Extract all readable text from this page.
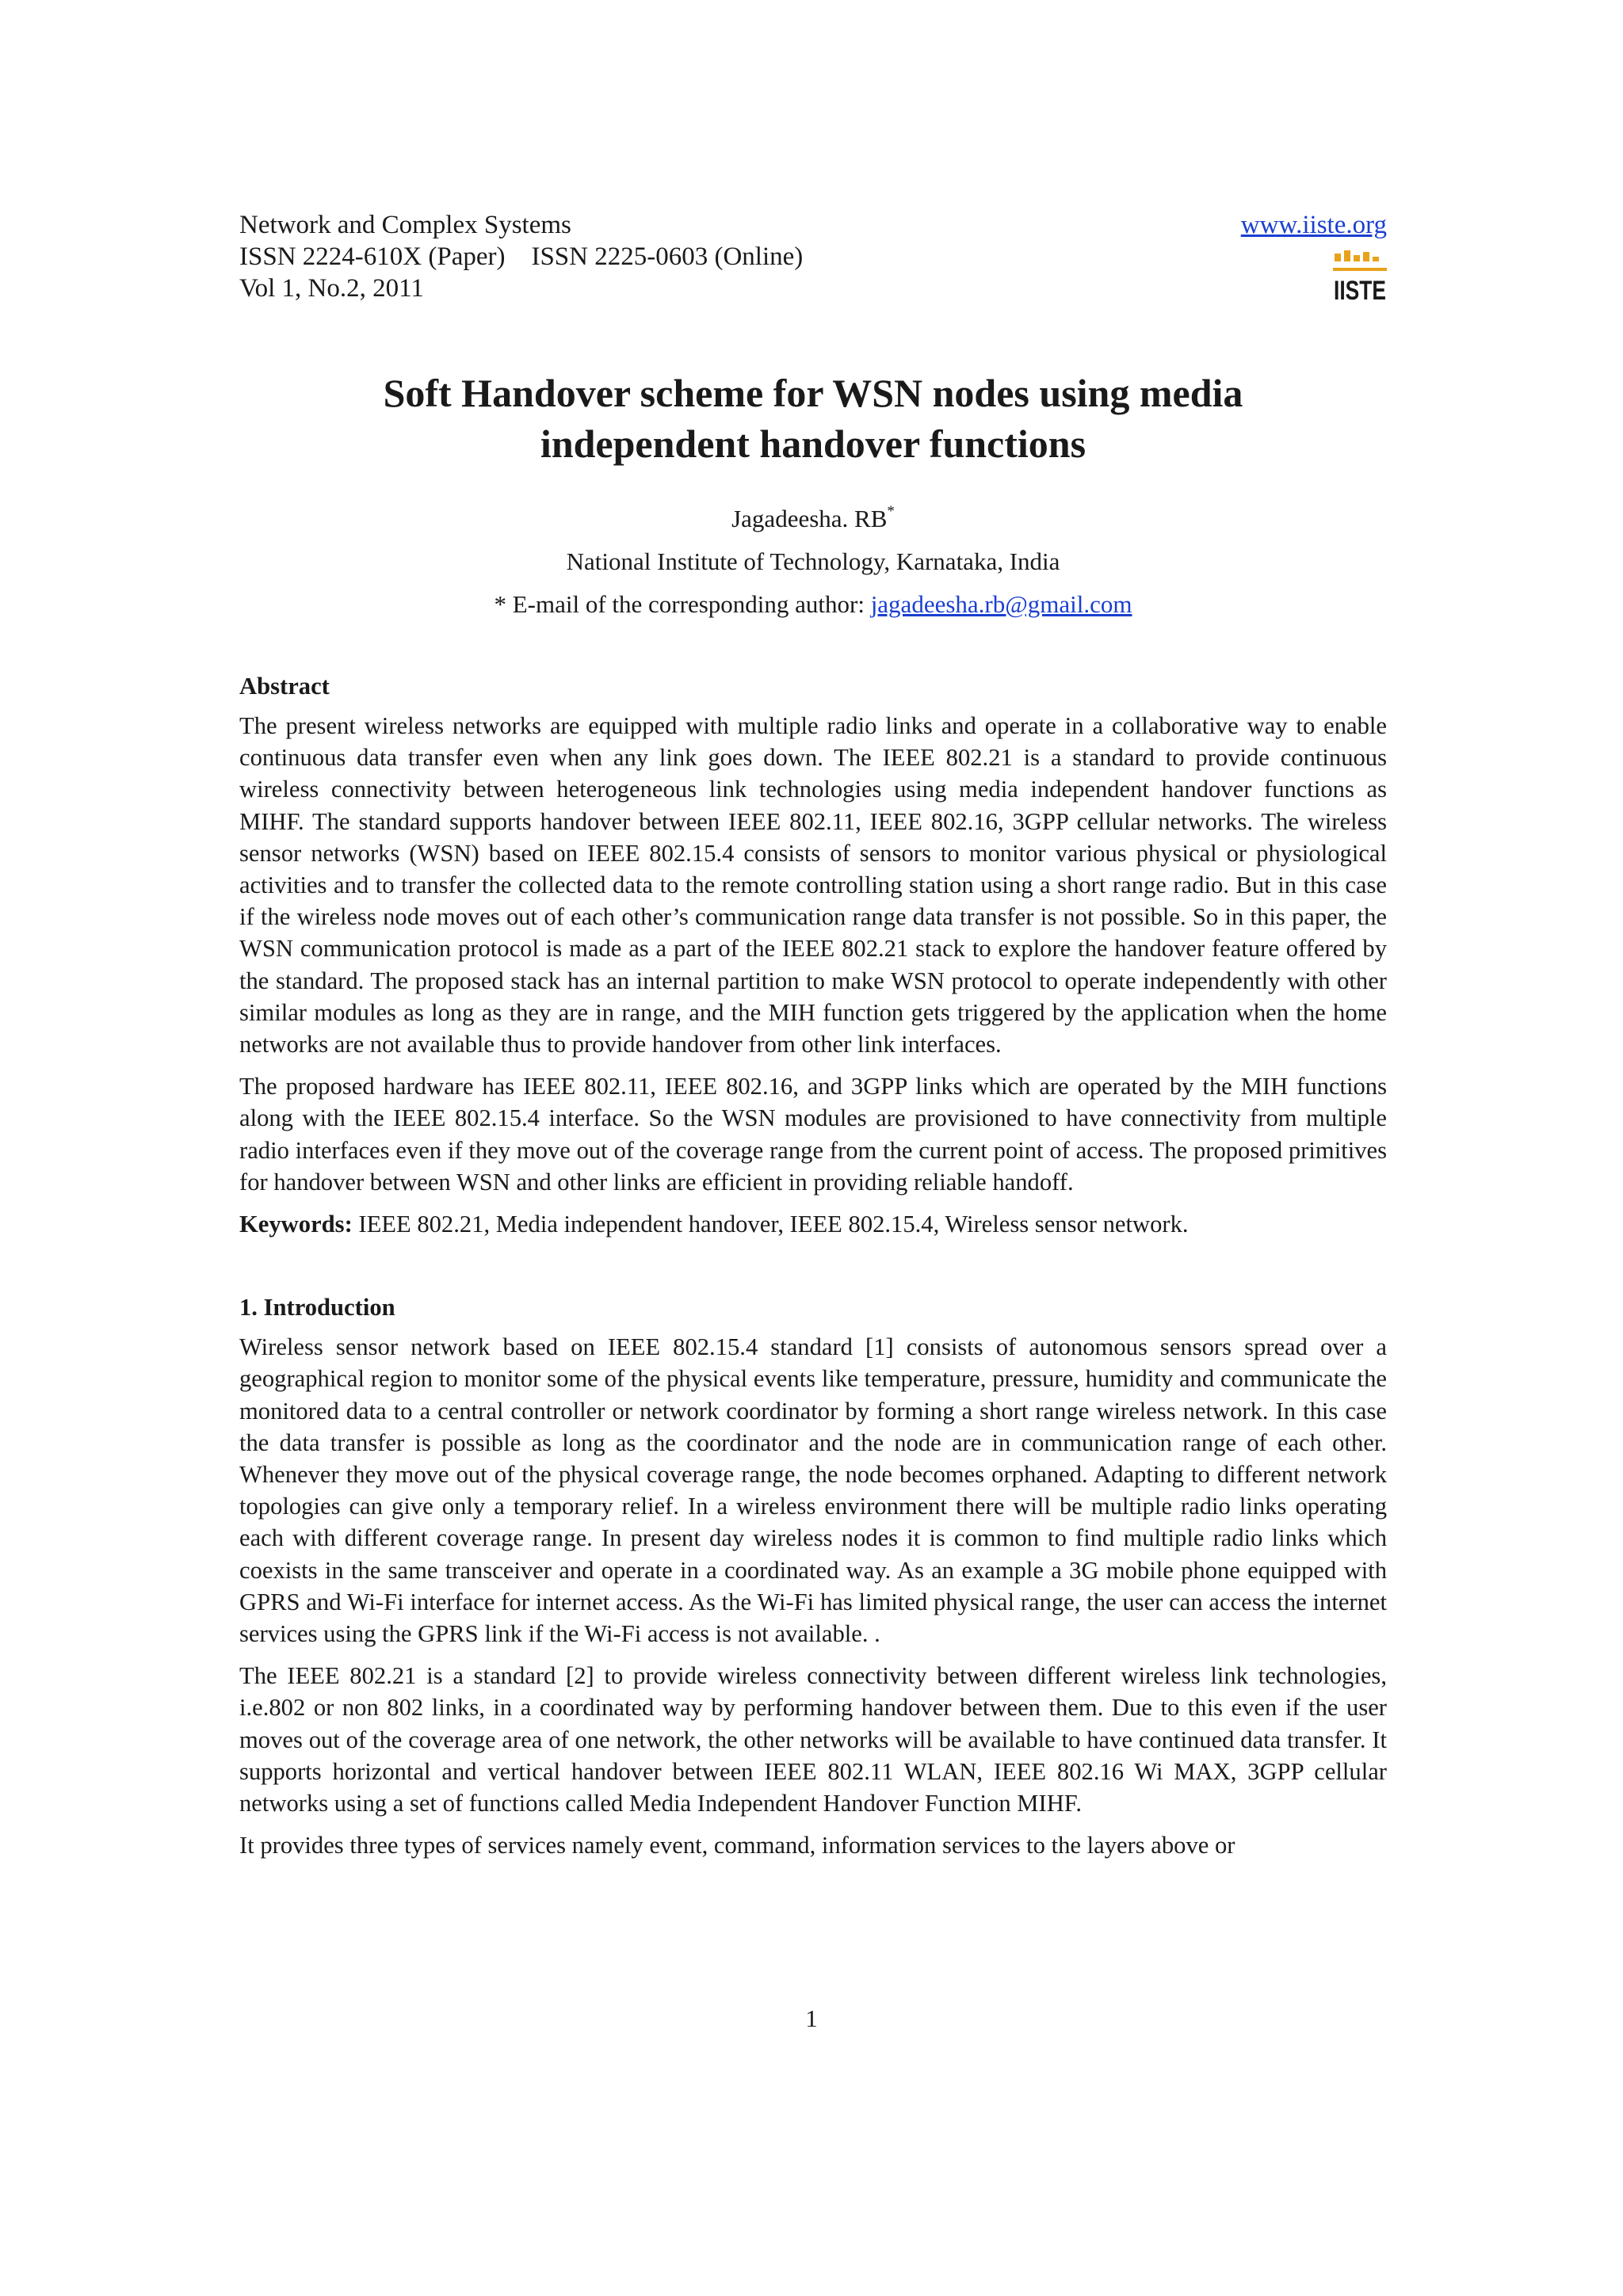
Network and Complex Systems
ISSN 2224-610X (Paper)    ISSN 2225-0603 (Online)
Vol 1, No.2, 2011
www.iiste.org
IISTE
Soft Handover scheme for WSN nodes using media
independent handover functions
Jagadeesha. RB*
National Institute of Technology, Karnataka, India
* E-mail of the corresponding author: jagadeesha.rb@gmail.com
Abstract

The present wireless networks are equipped with multiple radio links and operate in a collaborative way to enable continuous data transfer even when any link goes down. The IEEE 802.21 is a standard to provide continuous wireless connectivity between heterogeneous link technologies using media independent handover functions as MIHF. The standard supports handover between IEEE 802.11, IEEE 802.16, 3GPP cellular networks. The wireless sensor networks (WSN) based on IEEE 802.15.4 consists of sensors to monitor various physical or physiological activities and to transfer the collected data to the remote controlling station using a short range radio. But in this case if the wireless node moves out of each other’s communication range data transfer is not possible. So in this paper, the WSN communication protocol is made as a part of the IEEE 802.21 stack to explore the handover feature offered by the standard. The proposed stack has an internal partition to make WSN protocol to operate independently with other similar modules as long as they are in range, and the MIH function gets triggered by the application when the home networks are not available thus to provide handover from other link interfaces.

The proposed hardware has IEEE 802.11, IEEE 802.16, and 3GPP links which are operated by the MIH functions along with the IEEE 802.15.4 interface. So the WSN modules are provisioned to have connectivity from multiple radio interfaces even if they move out of the coverage range from the current point of access. The proposed primitives for handover between WSN and other links are efficient in providing reliable handoff.

Keywords: IEEE 802.21, Media independent handover, IEEE 802.15.4, Wireless sensor network.

1. Introduction

Wireless sensor network based on IEEE 802.15.4 standard [1] consists of autonomous sensors spread over a geographical region to monitor some of the physical events like temperature, pressure, humidity and communicate the monitored data to a central controller or network coordinator by forming a short range wireless network. In this case the data transfer is possible as long as the coordinator and the node are in communication range of each other. Whenever they move out of the physical coverage range, the node becomes orphaned. Adapting to different network topologies can give only a temporary relief. In a wireless environment there will be multiple radio links operating each with different coverage range. In present day wireless nodes it is common to find multiple radio links which coexists in the same transceiver and operate in a coordinated way. As an example a 3G mobile phone equipped with GPRS and Wi-Fi interface for internet access. As the Wi-Fi has limited physical range, the user can access the internet services using the GPRS link if the Wi-Fi access is not available. .

The IEEE 802.21 is a standard [2] to provide wireless connectivity between different wireless link technologies, i.e.802 or non 802 links, in a coordinated way by performing handover between them. Due to this even if the user moves out of the coverage area of one network, the other networks will be available to have continued data transfer. It supports horizontal and vertical handover between IEEE 802.11 WLAN, IEEE 802.16 Wi MAX, 3GPP cellular networks using a set of functions called Media Independent Handover Function MIHF.

It provides three types of services namely event, command, information services to the layers above or

1
